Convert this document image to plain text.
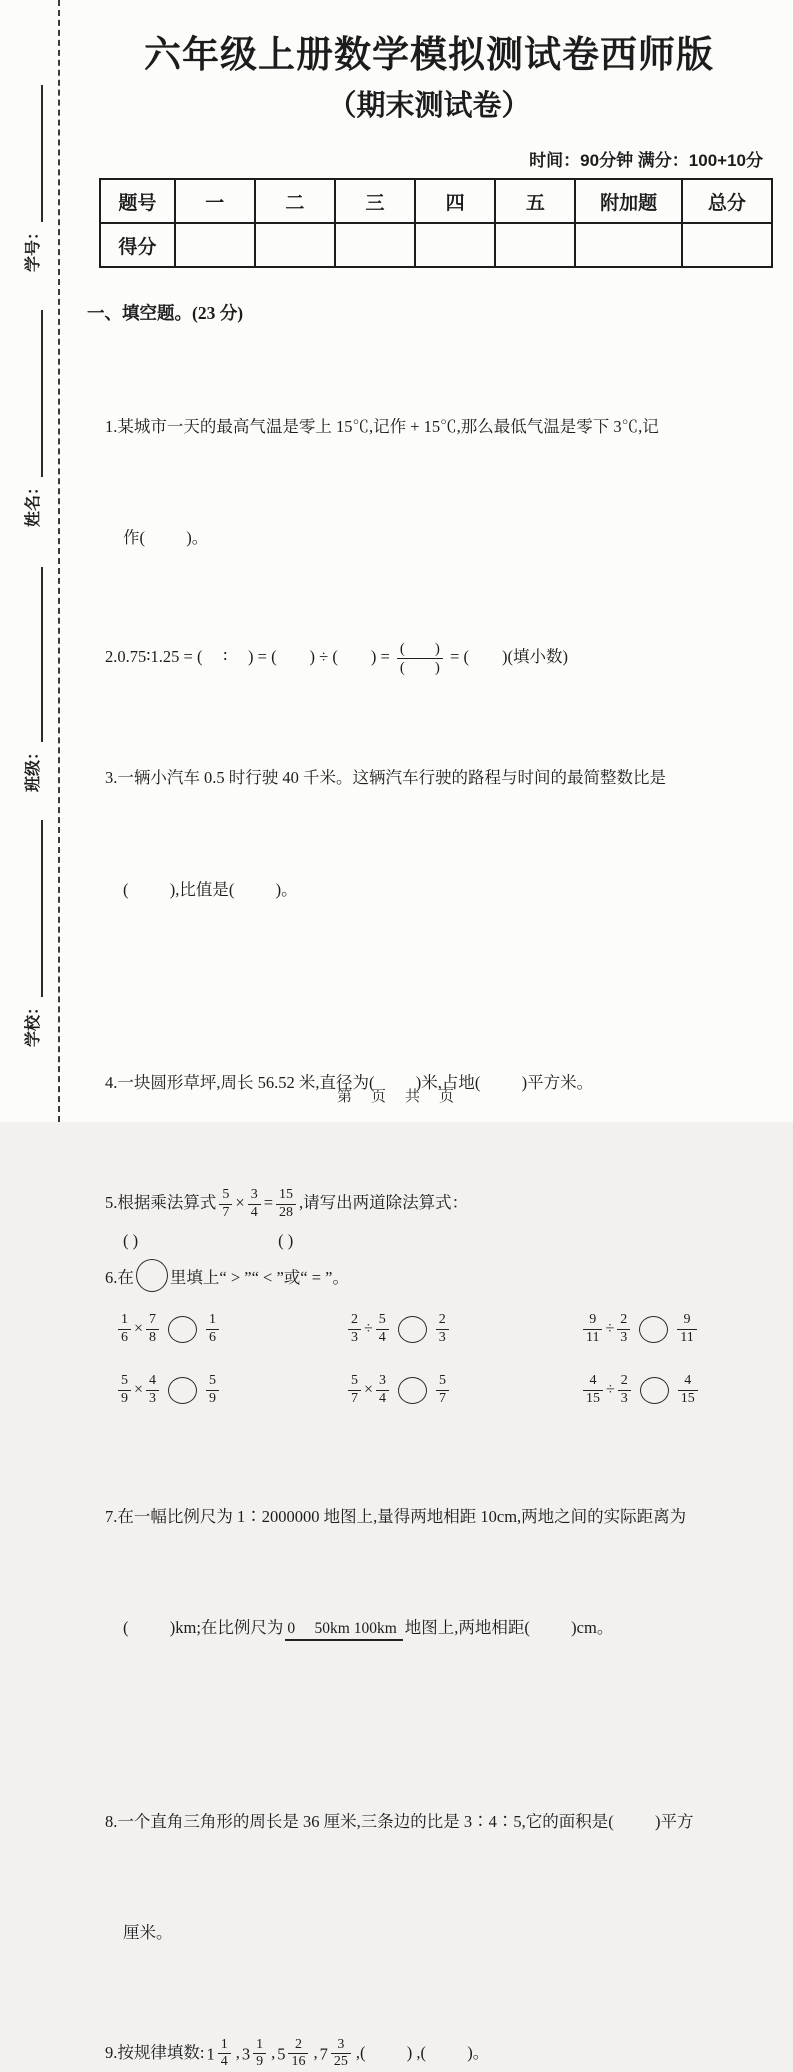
学号：
姓名：
班级：
学校：
六年级上册数学模拟测试卷西师版
（期末测试卷）
时间：90分钟 满分：100+10分
题号	一	二	三	四	五	附加题	总分
得分							
一、填空题。(23 分)

1.某城市一天的最高气温是零上 15℃,记作 + 15℃,那么最低气温是零下 3℃,记

作(          )。

2.0.75∶1.25 = (     ∶     ) = (        ) ÷ (        ) = $\frac{( )}{( )}$ = (        )(填小数)

3.一辆小汽车 0.5 时行驶 40 千米。这辆汽车行驶的路程与时间的最简整数比是

(          ),比值是(          )。

4.一块圆形草坪,周长 56.52 米,直径为(          )米,占地(          )平方米。

5.根据乘法算式 $\frac{5}{7} \times \frac{3}{4} = \frac{15}{28}$ ,请写出两道除法算式：
( )	( )
6.在 里填上“ > ”“ < ”或“ = ”。
$\frac{1}{6} \times \frac{7}{8}$	$\frac{1}{6}$	$\frac{2}{3} \div \frac{5}{4}$	$\frac{2}{3}$	$\frac{9}{11} \div \frac{2}{3}$	$\frac{9}{11}$
$\frac{5}{9} \times \frac{4}{3}$	$\frac{5}{9}$	$\frac{5}{7} \times \frac{3}{4}$	$\frac{5}{7}$	$\frac{4}{15} \div \frac{2}{3}$	$\frac{4}{15}$

7.在一幅比例尺为 1∶2000000 地图上,量得两地相距 10cm,两地之间的实际距离为

(          )km;在比例尺为 0     50km 100km 地图上,两地相距(          )cm。

8.一个直角三角形的周长是 36 厘米,三条边的比是 3∶4∶5,它的面积是(          )平方

厘米。

9.按规律填数: $1 \frac{1}{4}$ , $3 \frac{1}{9}$ , $5 \frac{2}{16}$ , $7 \frac{3}{25}$ ,(          ) ,(          )。
第　页　共　页
